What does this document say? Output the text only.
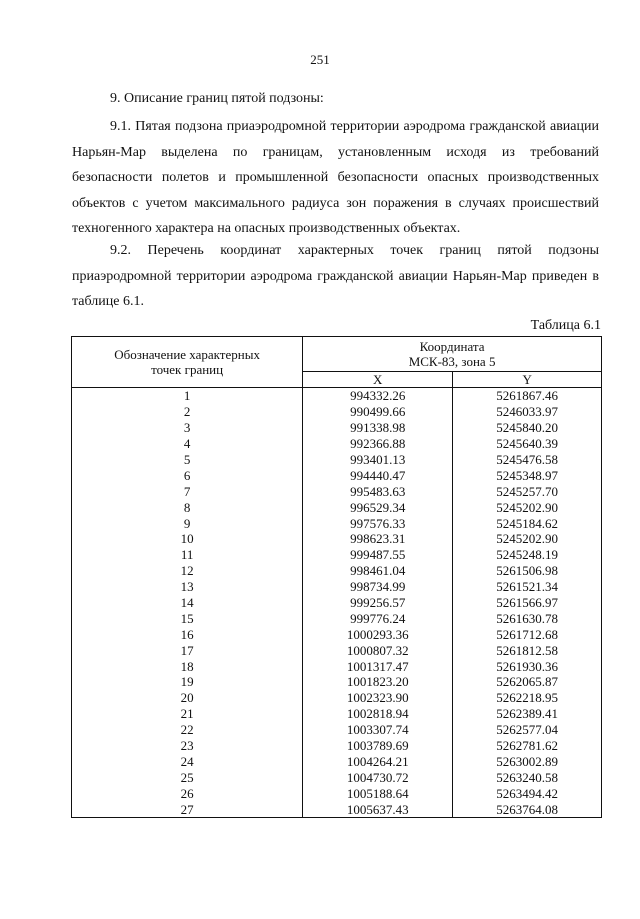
251
9. Описание границ пятой подзоны:

9.1. Пятая подзона приаэродромной территории аэродрома гражданской авиации Нарьян-Мар выделена по границам, установленным исходя из требований безопасности полетов и промышленной безопасности опасных производственных объектов с учетом максимального радиуса зон поражения в случаях происшествий техногенного характера на опасных производственных объектах.

9.2. Перечень координат характерных точек границ пятой подзоны приаэродромной территории аэродрома гражданской авиации Нарьян-Мар приведен в таблице 6.1.

Таблица 6.1
Обозначение характерных точек границ	Координата
МСК-83, зона 5	

	X	Y
1	994332.26	5261867.46
2	990499.66	5246033.97
3	991338.98	5245840.20
4	992366.88	5245640.39
5	993401.13	5245476.58
6	994440.47	5245348.97
7	995483.63	5245257.70
8	996529.34	5245202.90
9	997576.33	5245184.62
10	998623.31	5245202.90
11	999487.55	5245248.19
12	998461.04	5261506.98
13	998734.99	5261521.34
14	999256.57	5261566.97
15	999776.24	5261630.78
16	1000293.36	5261712.68
17	1000807.32	5261812.58
18	1001317.47	5261930.36
19	1001823.20	5262065.87
20	1002323.90	5262218.95
21	1002818.94	5262389.41
22	1003307.74	5262577.04
23	1003789.69	5262781.62
24	1004264.21	5263002.89
25	1004730.72	5263240.58
26	1005188.64	5263494.42
27	1005637.43	5263764.08
